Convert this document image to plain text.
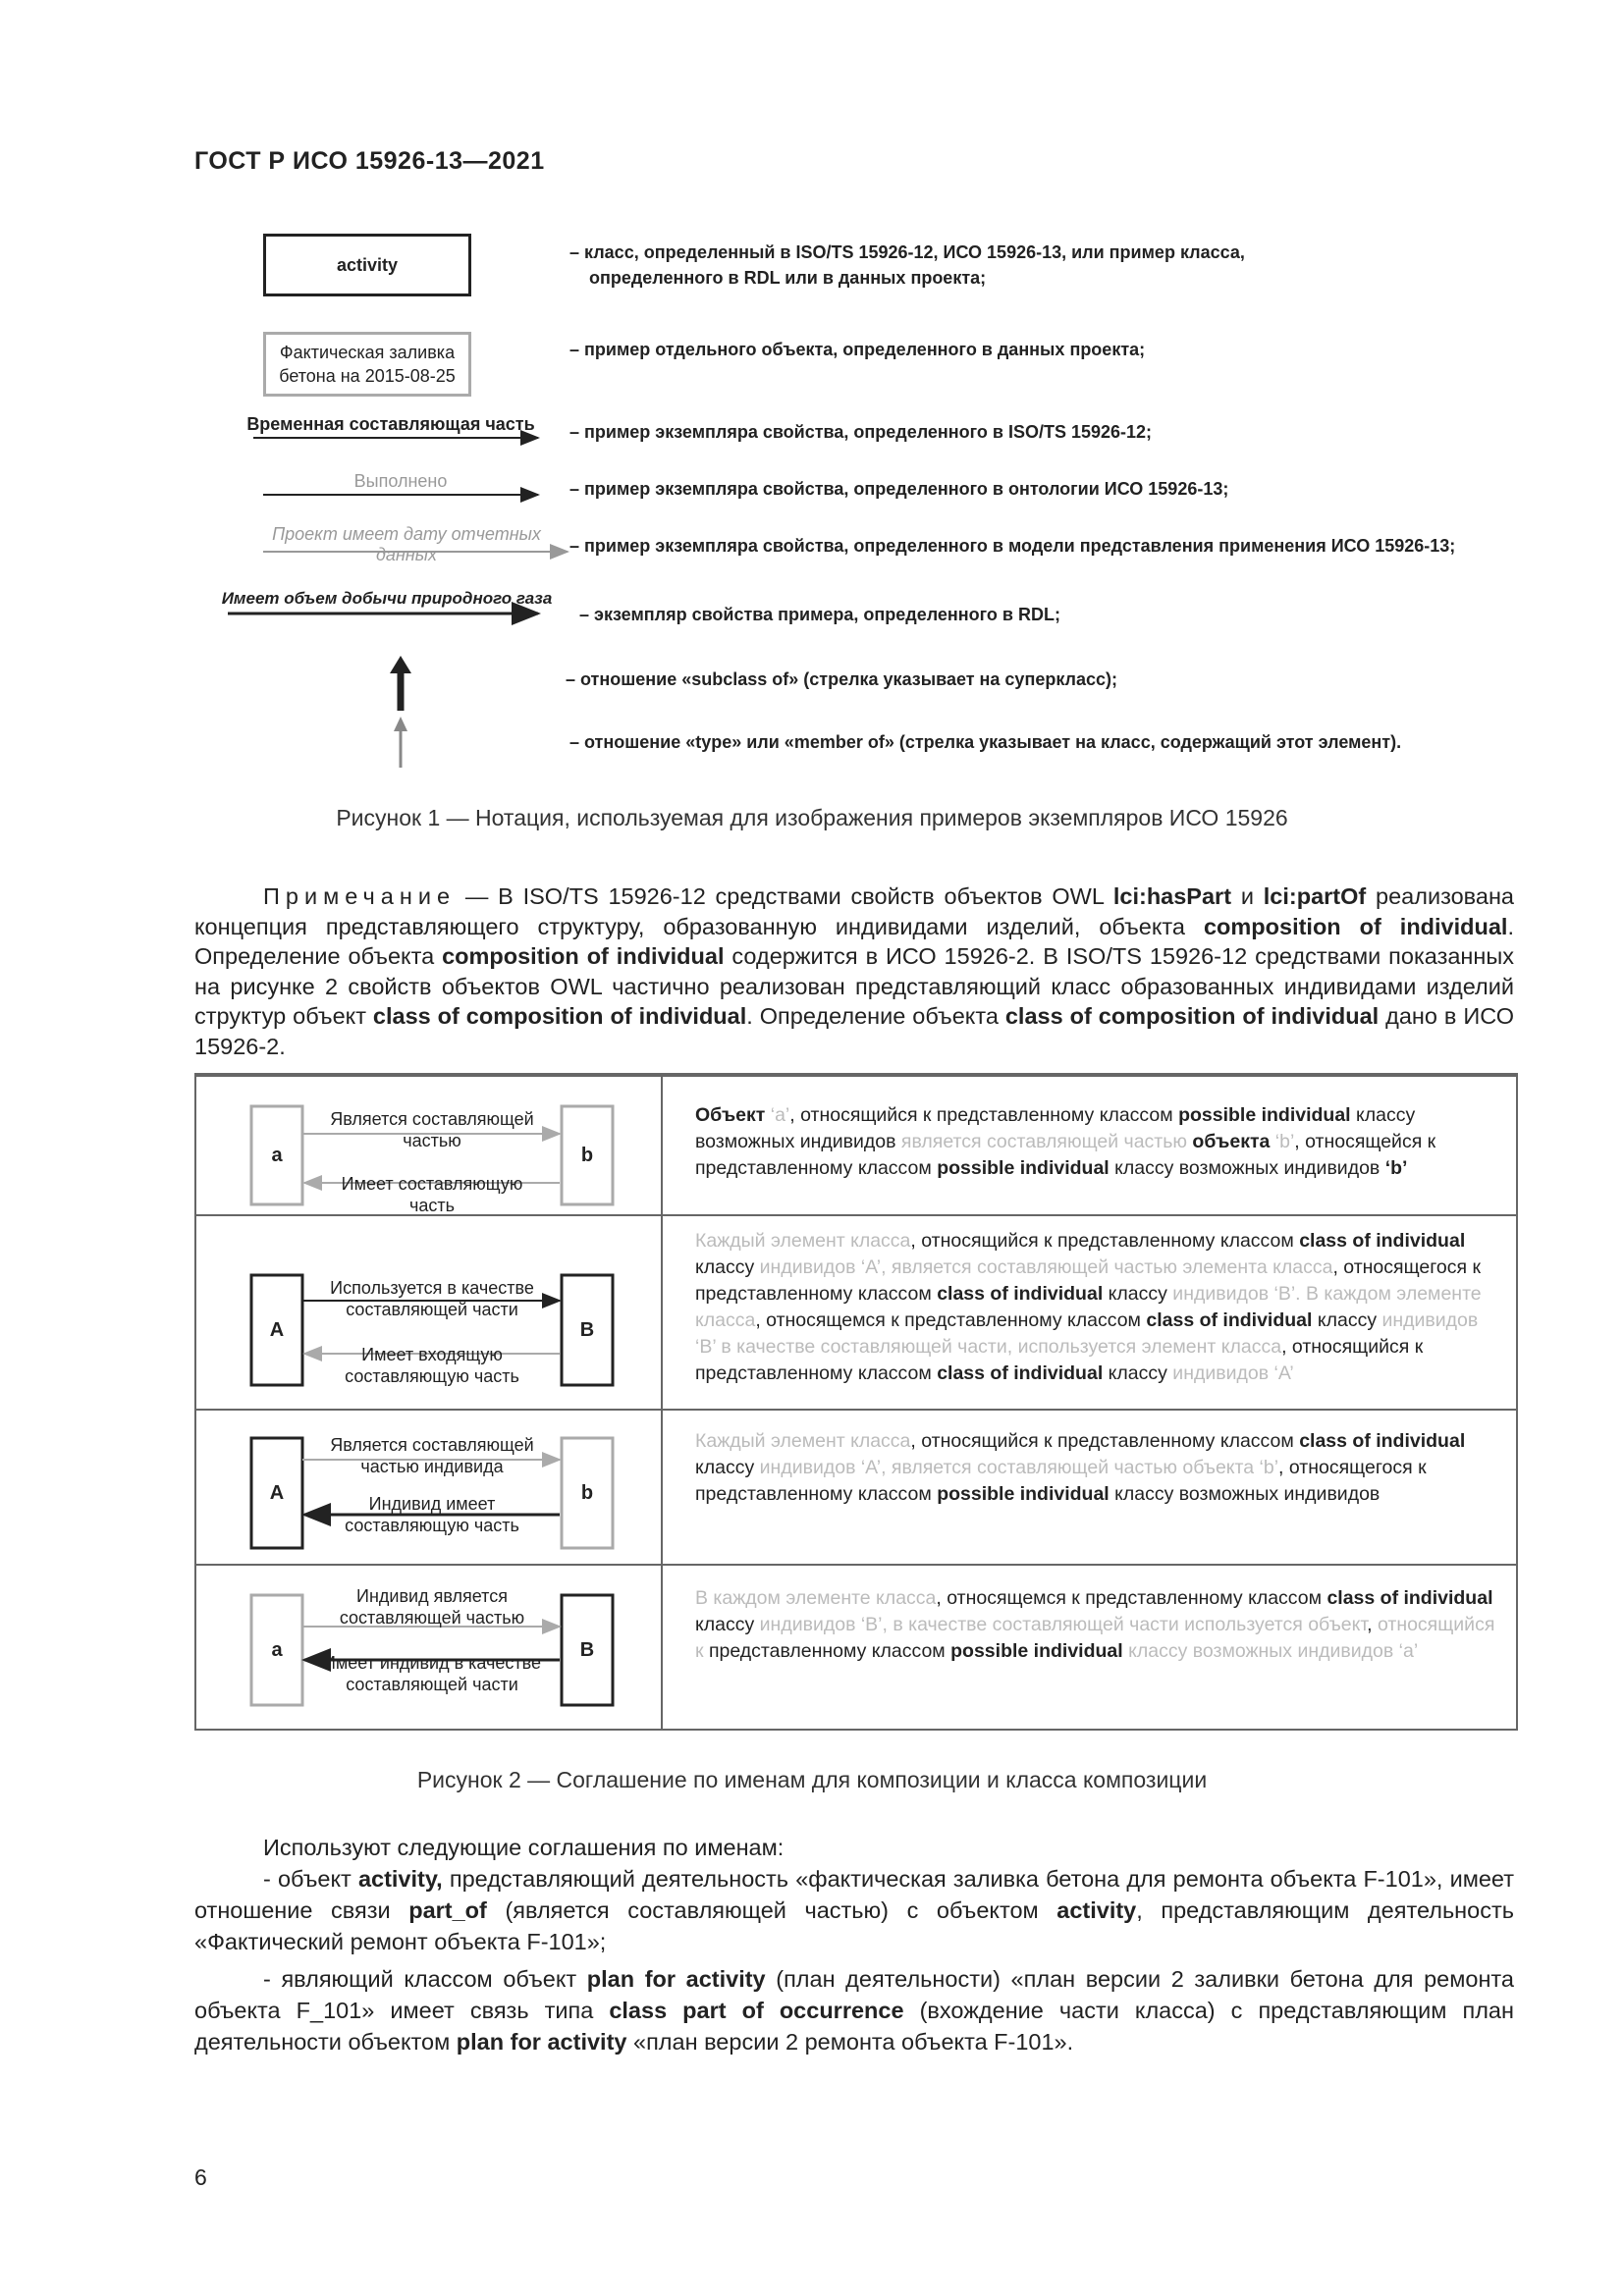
ГОСТ Р ИСО 15926-13—2021
activity
– класс, определенный в ISO/TS 15926-12, ИСО 15926-13, или пример класса,
определенного в RDL или в данных проекта;
Фактическая заливка
бетона на 2015-08-25
– пример отдельного объекта, определенного в данных проекта;
Временная составляющая часть – пример экземпляра свойства, определенного в ISO/TS 15926-12;
Выполнено	– пример экземпляра свойства, определенного в онтологии ИСО 15926-13;
Проект имеет дату отчетных данных	– пример экземпляра свойства, определенного в модели представления применения ИСО 15926-13;
Имеет объем добычи природного газа
– экземпляр свойства примера, определенного в RDL;
– отношение «subclass of» (стрелка указывает на суперкласс);
– отношение «type» или «member of» (стрелка указывает на класс, содержащий этот элемент).
Рисунок 1 — Нотация, используемая для изображения примеров экземпляров ИСО 15926
Примечание — В ISO/TS 15926-12 средствами свойств объектов OWL lci:hasPart и lci:partOf реализована концепция представляющего структуру, образованную индивидами изделий, объекта composition of individual. Определение объекта composition of individual содержится в ИСО 15926-2. В ISO/TS 15926-12 средствами показанных на рисунке 2 свойств объектов OWL частично реализован представляющий класс образованных индивидами изделий структур объект class of composition of individual. Определение объекта class of composition of individual дано в ИСО 15926-2.
a	b
Является составляющей
частью
Имеет составляющую
часть
Объект ‘a’, относящийся к представленному классом possible individual классу возможных индивидов является составляющей частью объекта ‘b’, относящейся к представленному классом possible individual классу возможных индивидов ‘b’
A	B
Используется в качестве
составляющей части
Имеет входящую
составляющую часть
Каждый элемент класса, относящийся к представленному классом class of individual классу индивидов ‘A’, является составляющей частью элемента класса, относящегося к представленному классом class of individual классу индивидов ‘B’. В каждом элементе класса, относящемся к представленному классом class of individual классу индивидов ‘B’ в качестве составляющей части, используется элемент класса, относящийся к представленному классом class of individual классу индивидов ‘A’
A	b
Является составляющей
частью индивида
Индивид имеет
составляющую часть
Каждый элемент класса, относящийся к представленному классом class of individual классу индивидов ‘A’, является составляющей частью объекта ‘b’, относящегося к представленному классом possible individual классу возможных индивидов
a	B
Индивид является
составляющей частью
Имеет индивид в качестве
составляющей части
В каждом элементе класса, относящемся к представленному классом class of individual классу индивидов ‘B’, в качестве составляющей части используется объект, относящийся к представленному классом possible individual классу возможных индивидов ‘a’
Рисунок 2 — Соглашение по именам для композиции и класса композиции
Используют следующие соглашения по именам:
- объект activity, представляющий деятельность «фактическая заливка бетона для ремонта объекта F-101», имеет отношение связи part_of (является составляющей частью) с объектом activity, представляющим деятельность «Фактический ремонт объекта F-101»;
- являющий классом объект plan for activity (план деятельности) «план версии 2 заливки бетона для ремонта объекта F_101» имеет связь типа class part of occurrence (вхождение части класса) с представляющим план деятельности объектом plan for activity «план версии 2 ремонта объекта F-101».
6
